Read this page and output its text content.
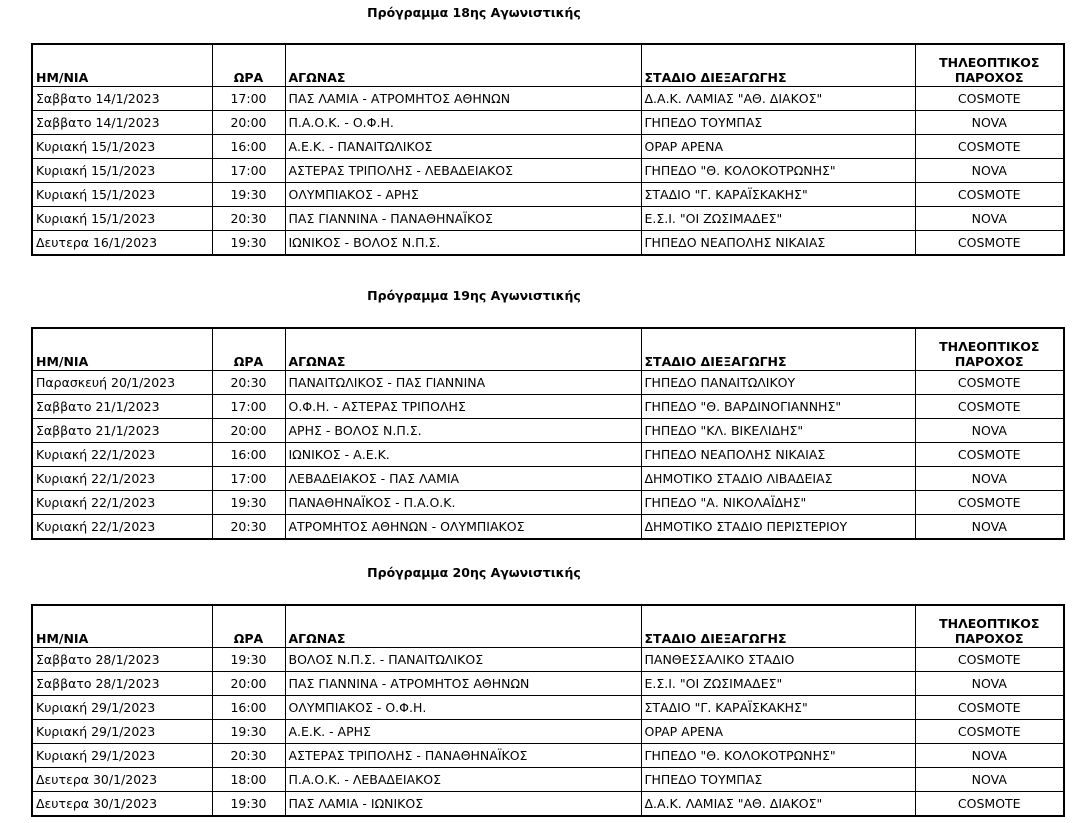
Πρόγραμμα 18ης Αγωνιστικής
ΗΜ/ΝΙΑ	ΩΡΑ	ΑΓΩΝΑΣ	ΣΤΑΔΙΟ ΔΙΕΞΑΓΩΓΗΣ	ΤΗΛΕΟΠΤΙΚΟΣ
ΠΑΡΟΧΟΣ
Σαββατο 14/1/2023	17:00	ΠΑΣ ΛΑΜΙΑ - ΑΤΡΟΜΗΤΟΣ ΑΘΗΝΩΝ	Δ.Α.Κ. ΛΑΜΙΑΣ "ΑΘ. ΔΙΑΚΟΣ"	COSMOTE
Σαββατο 14/1/2023	20:00	Π.Α.Ο.Κ. - Ο.Φ.Η.	ΓΗΠΕΔΟ ΤΟΥΜΠΑΣ	NOVA
Κυριακή 15/1/2023	16:00	Α.Ε.Κ. - ΠΑΝΑΙΤΩΛΙΚΟΣ	OPAP ΑΡΕΝΑ	COSMOTE
Κυριακή 15/1/2023	17:00	ΑΣΤΕΡΑΣ ΤΡΙΠΟΛΗΣ - ΛΕΒΑΔΕΙΑΚΟΣ	ΓΗΠΕΔΟ "Θ. ΚΟΛΟΚΟΤΡΩΝΗΣ"	NOVA
Κυριακή 15/1/2023	19:30	ΟΛΥΜΠΙΑΚΟΣ - ΑΡΗΣ	ΣΤΑΔΙΟ "Γ. ΚΑΡΑΪΣΚΑΚΗΣ"	COSMOTE
Κυριακή 15/1/2023	20:30	ΠΑΣ ΓΙΑΝΝΙΝΑ - ΠΑΝΑΘΗΝΑΪΚΟΣ	Ε.Σ.Ι. "ΟΙ ΖΩΣΙΜΑΔΕΣ"	NOVA
Δευτερα 16/1/2023	19:30	ΙΩΝΙΚΟΣ - ΒΟΛΟΣ Ν.Π.Σ.	ΓΗΠΕΔΟ ΝΕΑΠΟΛΗΣ ΝΙΚΑΙΑΣ	COSMOTE
Πρόγραμμα 19ης Αγωνιστικής
ΗΜ/ΝΙΑ	ΩΡΑ	ΑΓΩΝΑΣ	ΣΤΑΔΙΟ ΔΙΕΞΑΓΩΓΗΣ	ΤΗΛΕΟΠΤΙΚΟΣ
ΠΑΡΟΧΟΣ
Παρασκευή 20/1/2023	20:30	ΠΑΝΑΙΤΩΛΙΚΟΣ - ΠΑΣ ΓΙΑΝΝΙΝΑ	ΓΗΠΕΔΟ ΠΑΝΑΙΤΩΛΙΚΟΥ	COSMOTE
Σαββατο 21/1/2023	17:00	Ο.Φ.Η. - ΑΣΤΕΡΑΣ ΤΡΙΠΟΛΗΣ	ΓΗΠΕΔΟ "Θ. ΒΑΡΔΙΝΟΓΙΑΝΝΗΣ"	COSMOTE
Σαββατο 21/1/2023	20:00	ΑΡΗΣ - ΒΟΛΟΣ Ν.Π.Σ.	ΓΗΠΕΔΟ "ΚΛ. ΒΙΚΕΛΙΔΗΣ"	NOVA
Κυριακή 22/1/2023	16:00	ΙΩΝΙΚΟΣ - Α.Ε.Κ.	ΓΗΠΕΔΟ ΝΕΑΠΟΛΗΣ ΝΙΚΑΙΑΣ	COSMOTE
Κυριακή 22/1/2023	17:00	ΛΕΒΑΔΕΙΑΚΟΣ - ΠΑΣ ΛΑΜΙΑ	ΔΗΜΟΤΙΚΟ ΣΤΑΔΙΟ ΛΙΒΑΔΕΙΑΣ	NOVA
Κυριακή 22/1/2023	19:30	ΠΑΝΑΘΗΝΑΪΚΟΣ - Π.Α.Ο.Κ.	ΓΗΠΕΔΟ "Α. ΝΙΚΟΛΑΪΔΗΣ"	COSMOTE
Κυριακή 22/1/2023	20:30	ΑΤΡΟΜΗΤΟΣ ΑΘΗΝΩΝ - ΟΛΥΜΠΙΑΚΟΣ	ΔΗΜΟΤΙΚΟ ΣΤΑΔΙΟ ΠΕΡΙΣΤΕΡΙΟΥ	NOVA
Πρόγραμμα 20ης Αγωνιστικής
ΗΜ/ΝΙΑ	ΩΡΑ	ΑΓΩΝΑΣ	ΣΤΑΔΙΟ ΔΙΕΞΑΓΩΓΗΣ	ΤΗΛΕΟΠΤΙΚΟΣ
ΠΑΡΟΧΟΣ
Σαββατο 28/1/2023	19:30	ΒΟΛΟΣ Ν.Π.Σ. - ΠΑΝΑΙΤΩΛΙΚΟΣ	ΠΑΝΘΕΣΣΑΛΙΚΟ ΣΤΑΔΙΟ	COSMOTE
Σαββατο 28/1/2023	20:00	ΠΑΣ ΓΙΑΝΝΙΝΑ - ΑΤΡΟΜΗΤΟΣ ΑΘΗΝΩΝ	Ε.Σ.Ι. "ΟΙ ΖΩΣΙΜΑΔΕΣ"	NOVA
Κυριακή 29/1/2023	16:00	ΟΛΥΜΠΙΑΚΟΣ - Ο.Φ.Η.	ΣΤΑΔΙΟ "Γ. ΚΑΡΑΪΣΚΑΚΗΣ"	COSMOTE
Κυριακή 29/1/2023	19:30	Α.Ε.Κ. - ΑΡΗΣ	OPAP ΑΡΕΝΑ	COSMOTE
Κυριακή 29/1/2023	20:30	ΑΣΤΕΡΑΣ ΤΡΙΠΟΛΗΣ - ΠΑΝΑΘΗΝΑΪΚΟΣ	ΓΗΠΕΔΟ "Θ. ΚΟΛΟΚΟΤΡΩΝΗΣ"	NOVA
Δευτερα 30/1/2023	18:00	Π.Α.Ο.Κ. - ΛΕΒΑΔΕΙΑΚΟΣ	ΓΗΠΕΔΟ ΤΟΥΜΠΑΣ	NOVA
Δευτερα 30/1/2023	19:30	ΠΑΣ ΛΑΜΙΑ - ΙΩΝΙΚΟΣ	Δ.Α.Κ. ΛΑΜΙΑΣ "ΑΘ. ΔΙΑΚΟΣ"	COSMOTE
